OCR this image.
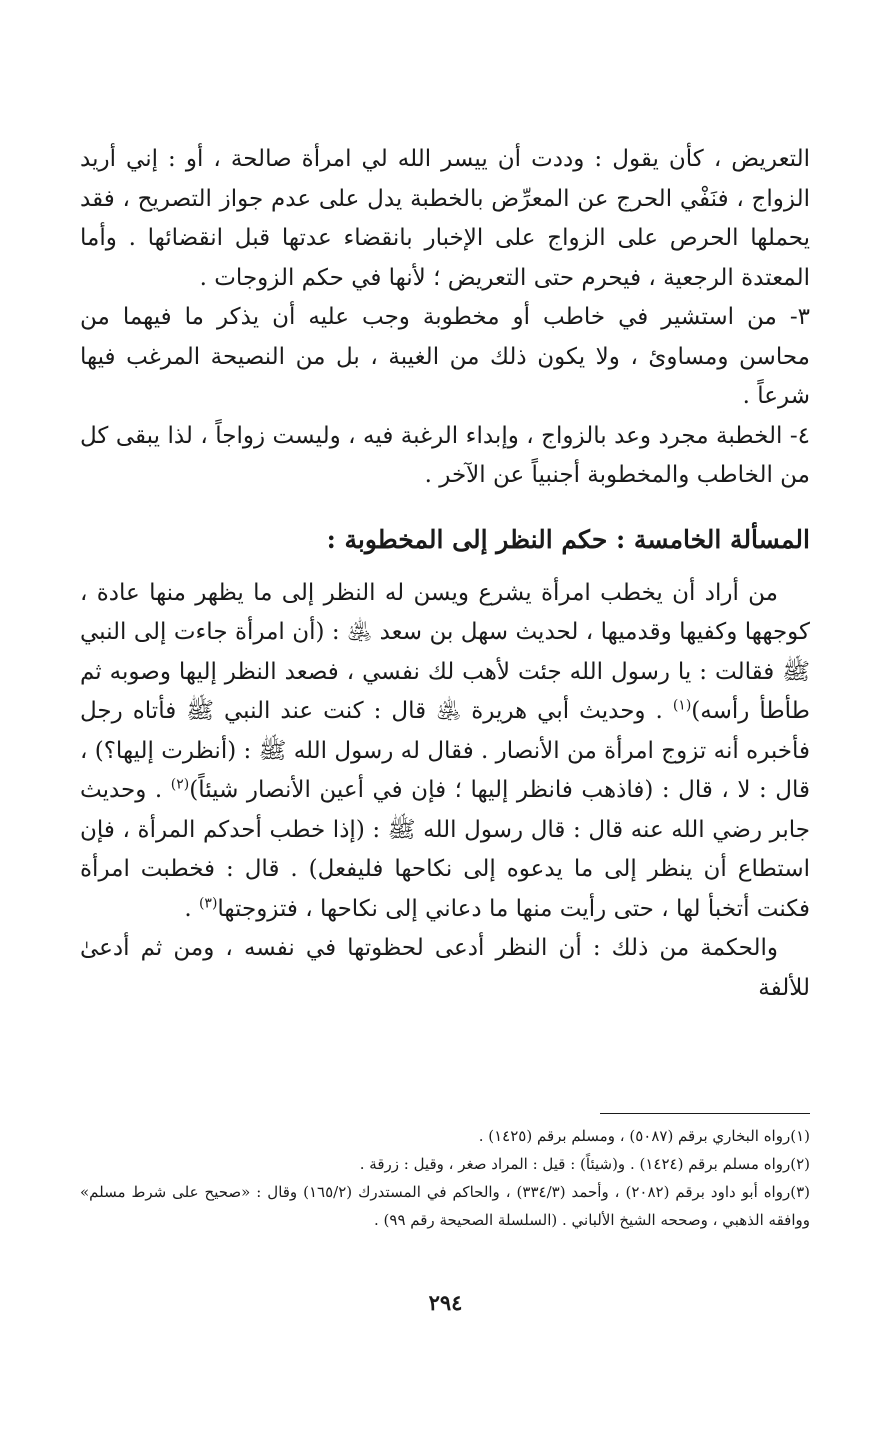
التعريض ، كأن يقول : وددت أن ييسر الله لي امرأة صالحة ، أو : إني أريد الزواج ، فنَفْي الحرج عن المعرِّض بالخطبة يدل على عدم جواز التصريح ، فقد يحملها الحرص على الزواج على الإخبار بانقضاء عدتها قبل انقضائها . وأما المعتدة الرجعية ، فيحرم حتى التعريض ؛ لأنها في حكم الزوجات .

٣- من استشير في خاطب أو مخطوبة وجب عليه أن يذكر ما فيهما من محاسن ومساوئ ، ولا يكون ذلك من الغيبة ، بل من النصيحة المرغب فيها شرعاً .

٤- الخطبة مجرد وعد بالزواج ، وإبداء الرغبة فيه ، وليست زواجاً ، لذا يبقى كل من الخاطب والمخطوبة أجنبياً عن الآخر .

المسألة الخامسة : حكم النظر إلى المخطوبة :

من أراد أن يخطب امرأة يشرع ويسن له النظر إلى ما يظهر منها عادة ، كوجهها وكفيها وقدميها ، لحديث سهل بن سعد ﵁ : (أن امرأة جاءت إلى النبي ﷺ فقالت : يا رسول الله جئت لأهب لك نفسي ، فصعد النظر إليها وصوبه ثم طأطأ رأسه)$^{(١)}$ . وحديث أبي هريرة ﵁ قال : كنت عند النبي ﷺ فأتاه رجل فأخبره أنه تزوج امرأة من الأنصار . فقال له رسول الله ﷺ : (أنظرت إليها؟) ، قال : لا ، قال : (فاذهب فانظر إليها ؛ فإن في أعين الأنصار شيئاً)$^{(٢)}$ . وحديث جابر رضي الله عنه قال : قال رسول الله ﷺ : (إذا خطب أحدكم المرأة ، فإن استطاع أن ينظر إلى ما يدعوه إلى نكاحها فليفعل) . قال : فخطبت امرأة فكنت أتخبأ لها ، حتى رأيت منها ما دعاني إلى نكاحها ، فتزوجتها$^{(٣)}$ .

والحكمة من ذلك : أن النظر أدعى لحظوتها في نفسه ، ومن ثم أدعىٰ للألفة

(١)رواه البخاري برقم (٥٠٨٧) ، ومسلم برقم (١٤٢٥) .

(٢)رواه مسلم برقم (١٤٢٤) . و(شيئاً) : قيل : المراد صغر ، وقيل : زرقة .

(٣)رواه أبو داود برقم (٢٠٨٢) ، وأحمد (٣٣٤/٣) ، والحاكم في المستدرك (١٦٥/٢) وقال : «صحيح على شرط مسلم» ووافقه الذهبي ، وصححه الشيخ الألباني . (السلسلة الصحيحة رقم ٩٩) .

٢٩٤
